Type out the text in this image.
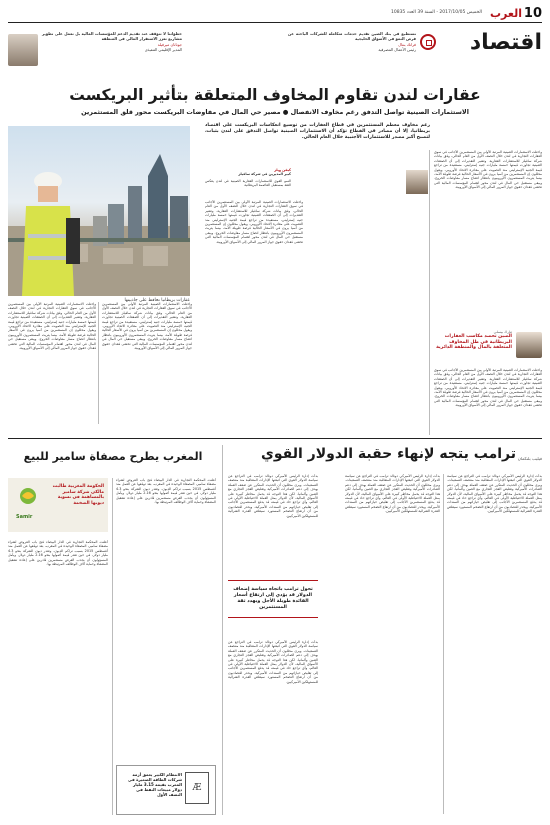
10
العرب
الخميس 2017/10/05 - السنة 39 العدد 10835
اقتصاد
نستطيع في بنك الصين تقديم خدمات متكاملة للشركات الباحثة عن فرص النمو في الأسواق الخليجية
فرانك بنتال
رئيس الأعمال المصرفية
خطواتنا لا تتوقف عند تقديم الدعم للمؤسسات المالية بل نعمل على تطوير مشاريع تعزز الاستقرار المالي في المنطقة
جوناثان ميرفيلد
المدير الإقليمي التنفيذي
عقارات لندن تقاوم المخاوف المتعلقة بتأثير البريكست
الاستثمارات الصينية تواصل التدفق رغم مخاوف الانفصال ● مصير حي المال في مفاوضات البريكست محور قلق المستثمرين
رغم مخاوف معظم المستثمرين في قطاع العقارات من توسيع انعكاسات البريكست على اقتصاد بريطانيا، إلا أن مصادر في القطاع تؤكد أن الاستثمارات الصينية تواصل التدفق على لندن بثبات، لتصبح أكبر مصدر للاستثمارات الأجنبية خلال العام الحالي.
عقارات بريطانيا تحافظ على جاذبيتها
كيفن ويلز
كبير المديرين في شركة سافيلز
النمو القوي للاستثمارات العقارية الصينية في لندن يعكس الثقة بمستقبل العاصمة البريطانية
واحتلت الاستثمارات الصينية المرتبة الأولى بين المستثمرين الأجانب في سوق العقارات التجارية في لندن خلال النصف الأول من العام الحالي، وفق بيانات شركة سافيلز للاستشارات العقارية. وتشير التقديرات إلى أن الصفقات الصينية تجاوزت قيمتها خمسة مليارات جنيه إسترليني، مستفيدة من تراجع قيمة الجنيه الإسترليني منذ التصويت على مغادرة الاتحاد الأوروبي. ويقول محللون إن المستثمرين من آسيا يرون في الأسعار الحالية فرصة طويلة الأمد، بينما يتريث المستثمرون الأوروبيون بانتظار اتضاح مسار مفاوضات الخروج. ويبقى مستقبل حي المال في لندن محور اهتمام المؤسسات المالية التي تخشى فقدان حقوق جواز المرور المالي إلى الأسواق الأوروبية.
واحتلت الاستثمارات الصينية المرتبة الأولى بين المستثمرين الأجانب في سوق العقارات التجارية في لندن خلال النصف الأول من العام الحالي، وفق بيانات شركة سافيلز للاستشارات العقارية. وتشير التقديرات إلى أن الصفقات الصينية تجاوزت قيمتها خمسة مليارات جنيه إسترليني، مستفيدة من تراجع قيمة الجنيه الإسترليني منذ التصويت على مغادرة الاتحاد الأوروبي. ويقول محللون إن المستثمرين من آسيا يرون في الأسعار الحالية فرصة طويلة الأمد، بينما يتريث المستثمرون الأوروبيون بانتظار اتضاح مسار مفاوضات الخروج. ويبقى مستقبل حي المال في لندن محور اهتمام المؤسسات المالية التي تخشى فقدان حقوق جواز المرور المالي إلى الأسواق الأوروبية.
واحتلت الاستثمارات الصينية المرتبة الأولى بين المستثمرين الأجانب في سوق العقارات التجارية في لندن خلال النصف الأول من العام الحالي، وفق بيانات شركة سافيلز للاستشارات العقارية. وتشير التقديرات إلى أن الصفقات الصينية تجاوزت قيمتها خمسة مليارات جنيه إسترليني، مستفيدة من تراجع قيمة الجنيه الإسترليني منذ التصويت على مغادرة الاتحاد الأوروبي. ويقول محللون إن المستثمرين من آسيا يرون في الأسعار الحالية فرصة طويلة الأمد، بينما يتريث المستثمرون الأوروبيون بانتظار اتضاح مسار مفاوضات الخروج. ويبقى مستقبل حي المال في لندن محور اهتمام المؤسسات المالية التي تخشى فقدان حقوق جواز المرور المالي إلى الأسواق الأوروبية.
واحتلت الاستثمارات الصينية المرتبة الأولى بين المستثمرين الأجانب في سوق العقارات التجارية في لندن خلال النصف الأول من العام الحالي، وفق بيانات شركة سافيلز للاستشارات العقارية. وتشير التقديرات إلى أن الصفقات الصينية تجاوزت قيمتها خمسة مليارات جنيه إسترليني، مستفيدة من تراجع قيمة الجنيه الإسترليني منذ التصويت على مغادرة الاتحاد الأوروبي. ويقول محللون إن المستثمرين من آسيا يرون في الأسعار الحالية فرصة طويلة الأمد، بينما يتريث المستثمرون الأوروبيون بانتظار اتضاح مسار مفاوضات الخروج. ويبقى مستقبل حي المال في لندن محور اهتمام المؤسسات المالية التي تخشى فقدان حقوق جواز المرور المالي إلى الأسواق الأوروبية.
مارك بيسلي
الصين تحصد مكاسب العقارات البريطانية في ظل المخاوف المتعلقة بالمال والمنطقة الدائرية
واحتلت الاستثمارات الصينية المرتبة الأولى بين المستثمرين الأجانب في سوق العقارات التجارية في لندن خلال النصف الأول من العام الحالي، وفق بيانات شركة سافيلز للاستشارات العقارية. وتشير التقديرات إلى أن الصفقات الصينية تجاوزت قيمتها خمسة مليارات جنيه إسترليني، مستفيدة من تراجع قيمة الجنيه الإسترليني منذ التصويت على مغادرة الاتحاد الأوروبي. ويقول محللون إن المستثمرين من آسيا يرون في الأسعار الحالية فرصة طويلة الأمد، بينما يتريث المستثمرون الأوروبيون بانتظار اتضاح مسار مفاوضات الخروج. ويبقى مستقبل حي المال في لندن محور اهتمام المؤسسات المالية التي تخشى فقدان حقوق جواز المرور المالي إلى الأسواق الأوروبية.
فيليب بلنكمان
ترامب يتجه لإنهاء حقبة الدولار القوي
بدأت إدارة الرئيس الأميركي دونالد ترامب في التراجع عن سياسة الدولار القوي التي اتبعتها الإدارات المتعاقبة منذ منتصف التسعينات. ويرى محللون أن الحديث المتكرر عن ضعف العملة يهدف إلى دعم الصادرات الأميركية وتقليص العجز التجاري مع الصين وألمانيا. لكن هذا التوجه قد يحمل مخاطر كبيرة على الأسواق المالية، لأن الدولار يمثل العملة الاحتياطية الأولى في العالم، وأي تراجع حاد في قيمته قد يدفع المستثمرين الأجانب إلى تقليص حيازاتهم من السندات الأميركية. ويحذر اقتصاديون من أن ارتفاع التضخم المستورد سيقلص القدرة الشرائية للمستهلكين الأميركيين.
بدأت إدارة الرئيس الأميركي دونالد ترامب في التراجع عن سياسة الدولار القوي التي اتبعتها الإدارات المتعاقبة منذ منتصف التسعينات. ويرى محللون أن الحديث المتكرر عن ضعف العملة يهدف إلى دعم الصادرات الأميركية وتقليص العجز التجاري مع الصين وألمانيا. لكن هذا التوجه قد يحمل مخاطر كبيرة على الأسواق المالية، لأن الدولار يمثل العملة الاحتياطية الأولى في العالم، وأي تراجع حاد في قيمته قد يدفع المستثمرين الأجانب إلى تقليص حيازاتهم من السندات الأميركية. ويحذر اقتصاديون من أن ارتفاع التضخم المستورد سيقلص القدرة الشرائية للمستهلكين الأميركيين.
بدأت إدارة الرئيس الأميركي دونالد ترامب في التراجع عن سياسة الدولار القوي التي اتبعتها الإدارات المتعاقبة منذ منتصف التسعينات. ويرى محللون أن الحديث المتكرر عن ضعف العملة يهدف إلى دعم الصادرات الأميركية وتقليص العجز التجاري مع الصين وألمانيا. لكن هذا التوجه قد يحمل مخاطر كبيرة على الأسواق المالية، لأن الدولار يمثل العملة الاحتياطية الأولى في العالم، وأي تراجع حاد في قيمته قد يدفع المستثمرين الأجانب إلى تقليص حيازاتهم من السندات الأميركية. ويحذر اقتصاديون من أن ارتفاع التضخم المستورد سيقلص القدرة الشرائية للمستهلكين الأميركيين.
تحول ترامب باتجاه سياسة إضعاف الدولار قد يؤدي إلى ارتفاع أسعار الفائدة طويلة الأجل ويهدد ثقة المستثمرين
بدأت إدارة الرئيس الأميركي دونالد ترامب في التراجع عن سياسة الدولار القوي التي اتبعتها الإدارات المتعاقبة منذ منتصف التسعينات. ويرى محللون أن الحديث المتكرر عن ضعف العملة يهدف إلى دعم الصادرات الأميركية وتقليص العجز التجاري مع الصين وألمانيا. لكن هذا التوجه قد يحمل مخاطر كبيرة على الأسواق المالية، لأن الدولار يمثل العملة الاحتياطية الأولى في العالم، وأي تراجع حاد في قيمته قد يدفع المستثمرين الأجانب إلى تقليص حيازاتهم من السندات الأميركية. ويحذر اقتصاديون من أن ارتفاع التضخم المستورد سيقلص القدرة الشرائية للمستهلكين الأميركيين.
المغرب يطرح مصفاة سامير للبيع
Samir
الحكومة المغربية طالبت مالكي شركة سامير بالمساهمة في تسوية ديونها الضخمة
أعلنت المحكمة التجارية في الدار البيضاء فتح باب العروض لشراء مصفاة سامير، المصفاة الوحيدة في المغرب، بعد توقفها عن العمل منذ أغسطس 2015 بسبب تراكم الديون. وتقدر ديون الشركة بنحو 4.3 مليار دولار، في حين تقدر قيمة أصولها بنحو 2.16 مليار دولار. ويأمل المسؤولون أن يجذب العرض مستثمرين قادرين على إعادة تشغيل المصفاة وحماية آلاف الوظائف المرتبطة بها.
أعلنت المحكمة التجارية في الدار البيضاء فتح باب العروض لشراء مصفاة سامير، المصفاة الوحيدة في المغرب، بعد توقفها عن العمل منذ أغسطس 2015 بسبب تراكم الديون. وتقدر ديون الشركة بنحو 4.3 مليار دولار، في حين تقدر قيمة أصولها بنحو 2.16 مليار دولار. ويأمل المسؤولون أن يجذب العرض مستثمرين قادرين على إعادة تشغيل المصفاة وحماية آلاف الوظائف المرتبطة بها.
Æ
الانتظام الكبير يعمق أزمة شركات الطاقة الصغيرة في المغرب بقيمة 3.15 مليار دولار مبيعات النفط في النصف الأول
